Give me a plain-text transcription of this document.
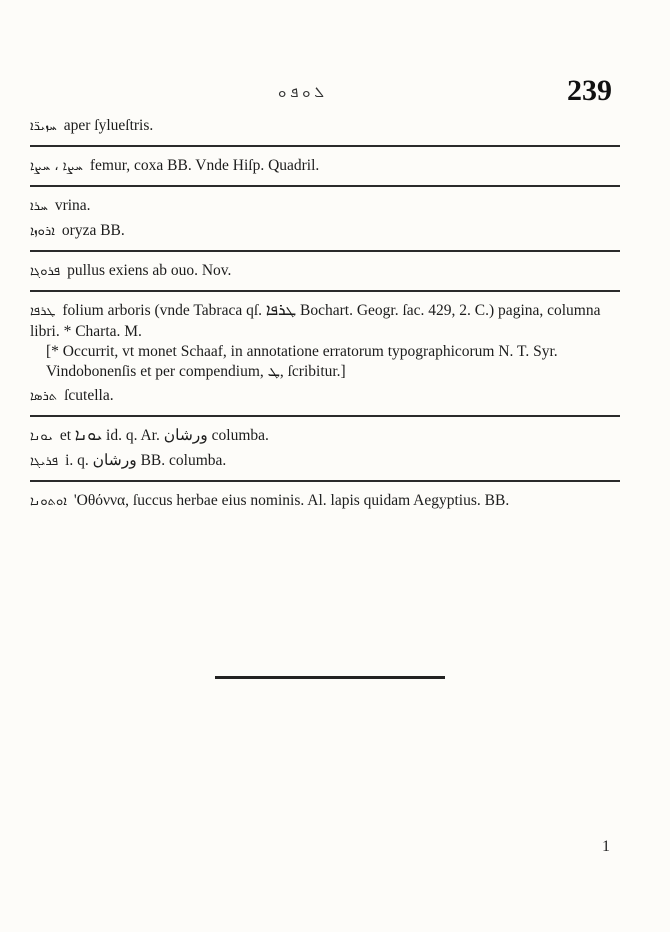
ܠ ܘ ܦ ܘ	239
ܚܙܝܪ̈ܐ aper ſylueſtris.
ܚܨܐ ، ܚܨܐ femur, coxa BB. Vnde Hiſp. Quadril.
ܚܪܐ vrina.
ܐܪܘܙܐ oryza BB.
ܦܪܘܓܐ pullus exiens ab ouo. Nov.
ܛܪܦܐ folium arboris (vnde Tabraca qſ. ܛܪܦܐ Bochart. Geogr. ſac. 429, 2. C.) pagina, columna libri. * Charta. M.
[* Occurrit, vt monet Schaaf, in annotatione erratorum typographicorum N. T. Syr. Vindobonenſis et per compendium, ܛ, ſcribitur.]
ܬܪܣܐ ſcutella.
ܝܘܢܐ et ܝܘܢܐ id. q. Ar. ورشان columba.
ܦܪܝܓܐ i. q. ورشان BB. columba.
ܐܘܬܘܢܐ 'Οθόννα, ſuccus herbae eius nominis. Al. lapis quidam Aegyptius. BB.
1
